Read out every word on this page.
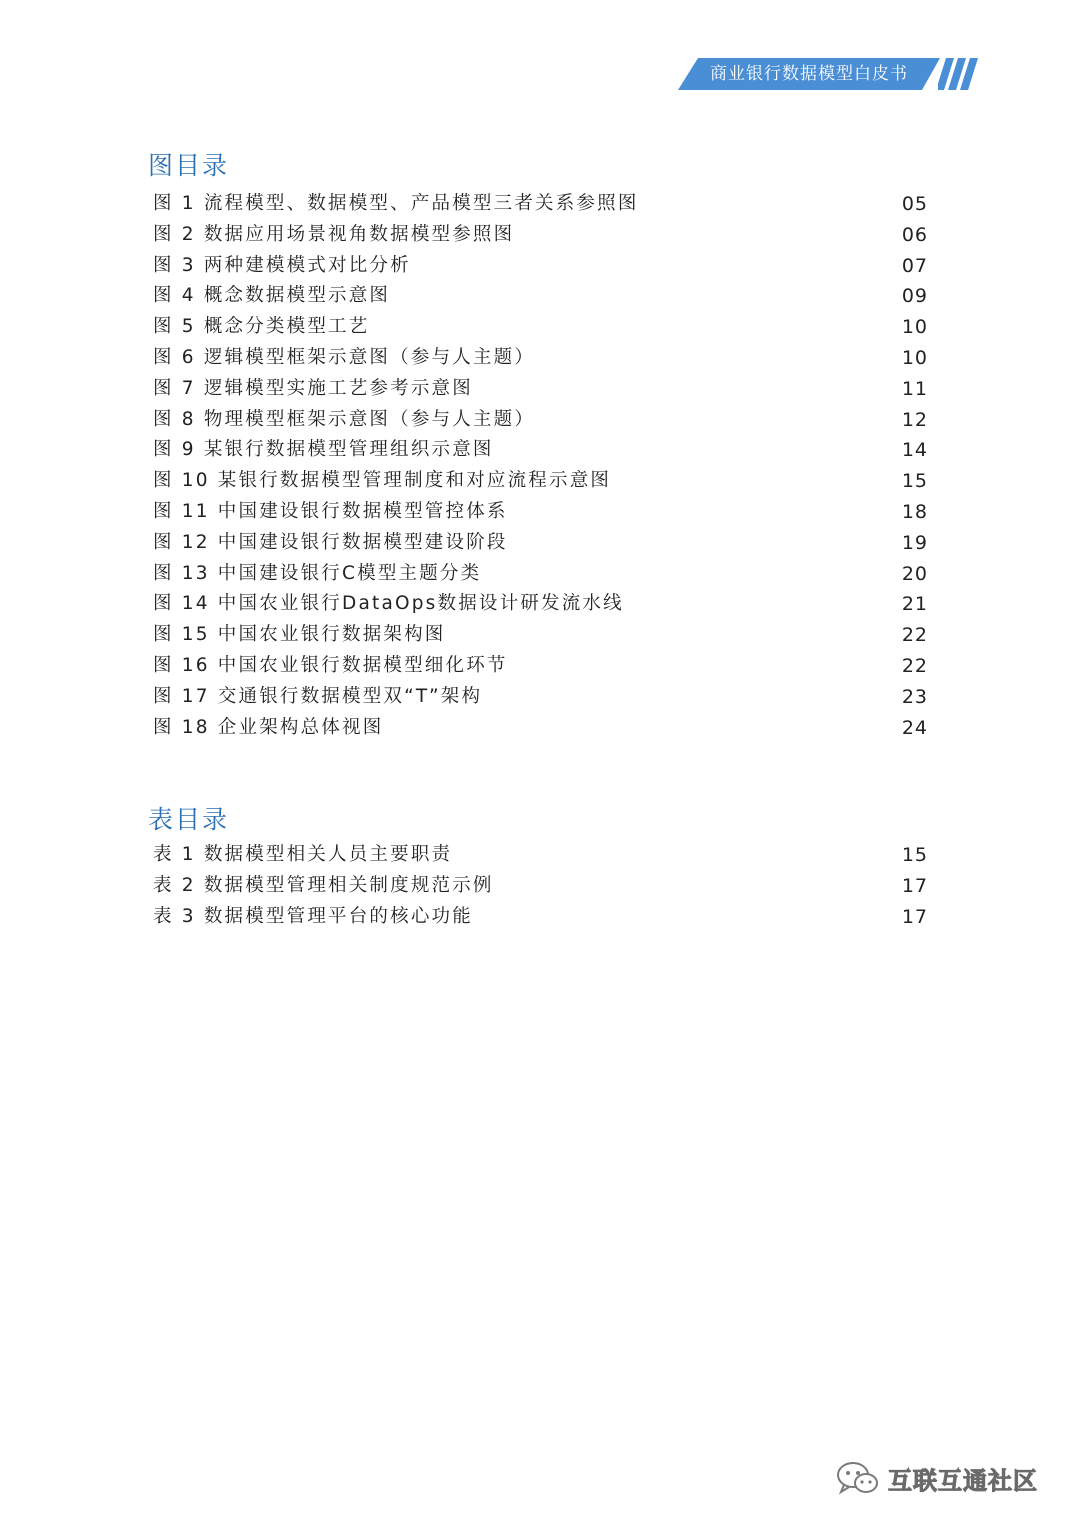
商业银行数据模型白皮书
图目录
图 1 流程模型、数据模型、产品模型三者关系参照图	05
图 2 数据应用场景视角数据模型参照图	06
图 3 两种建模模式对比分析	07
图 4 概念数据模型示意图	09
图 5 概念分类模型工艺	10
图 6 逻辑模型框架示意图（参与人主题）	10
图 7 逻辑模型实施工艺参考示意图	11
图 8 物理模型框架示意图（参与人主题）	12
图 9 某银行数据模型管理组织示意图	14
图 10 某银行数据模型管理制度和对应流程示意图	15
图 11 中国建设银行数据模型管控体系	18
图 12 中国建设银行数据模型建设阶段	19
图 13 中国建设银行C模型主题分类	20
图 14 中国农业银行DataOps数据设计研发流水线	21
图 15 中国农业银行数据架构图	22
图 16 中国农业银行数据模型细化环节	22
图 17 交通银行数据模型双“T”架构	23
图 18 企业架构总体视图	24
表目录
表 1 数据模型相关人员主要职责	15
表 2 数据模型管理相关制度规范示例	17
表 3 数据模型管理平台的核心功能	17
互联互通社区
